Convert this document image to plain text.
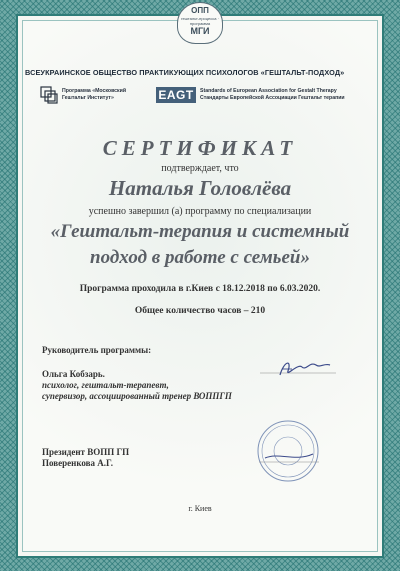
ОПП
гештальт-процесса · программа
МГИ
ВСЕУКРАИНСКОЕ ОБЩЕСТВО ПРАКТИКУЮЩИХ ПСИХОЛОГОВ «ГЕШТАЛЬТ-ПОДХОД»
Программа «Московский
Гештальт Институт»	EAGT	Standards of European Association for Gestalt Therapy
Стандарты Европейской Ассоциации Гештальт терапии
СЕРТИФИКАТ
подтверждает, что
Наталья Головлёва
успешно завершил (а) программу по специализации
«Гештальт-терапия и системный
подход в работе с семьей»
Программа проходила в г.Киев с 18.12.2018 по 6.03.2020.
Общее количество часов – 210
Руководитель программы:
Ольга Кобзарь.
психолог, гештальт-терапевт,
супервизор, ассоциированный тренер ВОППГП
Президент ВОПП ГП
Поверенкова А.Г.
г. Киев
